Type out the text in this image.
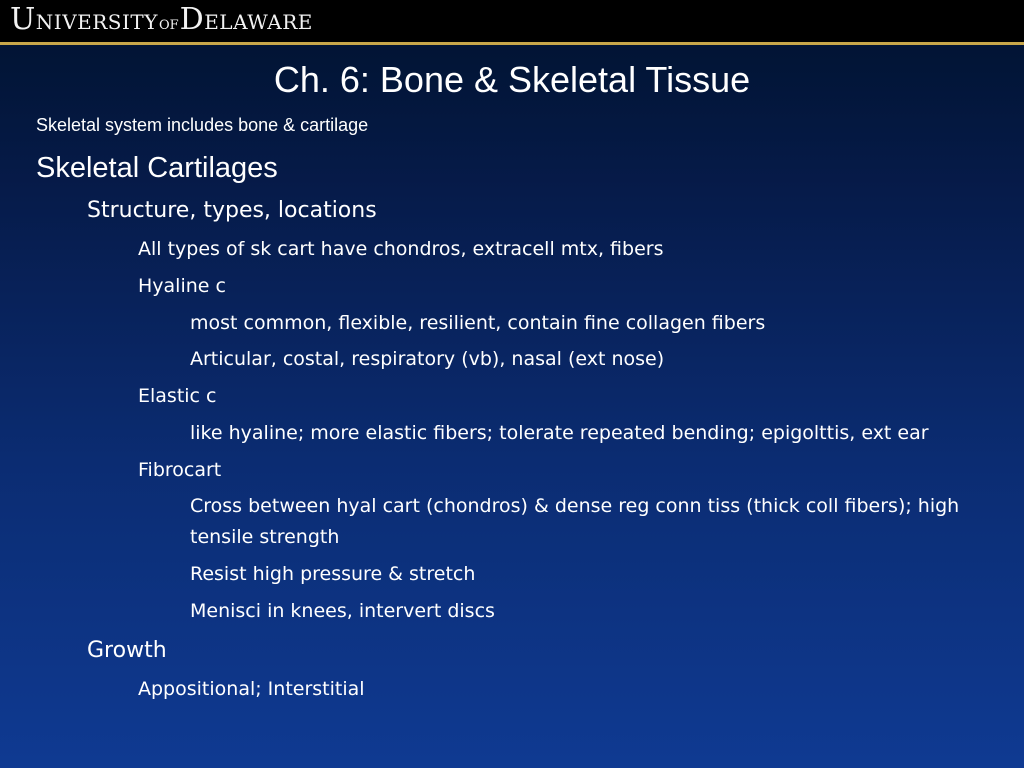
UNIVERSITYOFDELAWARE
Ch. 6: Bone & Skeletal Tissue
Skeletal system includes bone & cartilage
Skeletal Cartilages
Structure, types, locations
All types of sk cart have chondros, extracell mtx, fibers
Hyaline c
most common, flexible, resilient, contain fine collagen fibers
Articular, costal, respiratory (vb), nasal (ext nose)
Elastic c
like hyaline; more elastic fibers; tolerate repeated bending; epigolttis, ext ear
Fibrocart
Cross between hyal cart (chondros) & dense reg conn tiss (thick coll fibers); high tensile strength
Resist high pressure & stretch
Menisci in knees, intervert discs
Growth
Appositional; Interstitial
